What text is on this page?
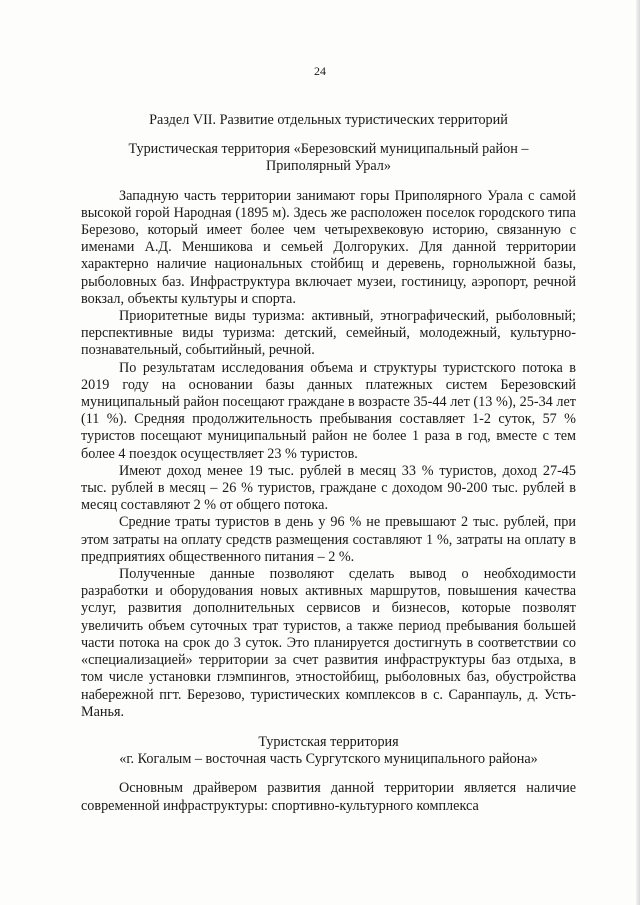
24
Раздел VII. Развитие отдельных туристических территорий
Туристическая территория «Березовский муниципальный район –
Приполярный Урал»

Западную часть территории занимают горы Приполярного Урала с самой высокой горой Народная (1895 м). Здесь же расположен поселок городского типа Березово, который имеет более чем четырехвековую историю, связанную с именами А.Д. Меншикова и семьей Долгоруких. Для данной территории характерно наличие национальных стойбищ и деревень, горнолыжной базы, рыболовных баз. Инфраструктура включает музеи, гостиницу, аэропорт, речной вокзал, объекты культуры и спорта.

Приоритетные виды туризма: активный, этнографический, рыболовный; перспективные виды туризма: детский, семейный, молодежный, культурно-познавательный, событийный, речной.

По результатам исследования объема и структуры туристского потока в 2019 году на основании базы данных платежных систем Березовский муниципальный район посещают граждане в возрасте 35-44 лет (13 %), 25-34 лет (11 %). Средняя продолжительность пребывания составляет 1-2 суток, 57 % туристов посещают муниципальный район не более 1 раза в год, вместе с тем более 4 поездок осуществляет 23 % туристов.

Имеют доход менее 19 тыс. рублей в месяц 33 % туристов, доход 27-45 тыс. рублей в месяц – 26 % туристов, граждане с доходом 90-200 тыс. рублей в месяц составляют 2 % от общего потока.

Средние траты туристов в день у 96 % не превышают 2 тыс. рублей, при этом затраты на оплату средств размещения составляют 1 %, затраты на оплату в предприятиях общественного питания – 2 %.

Полученные данные позволяют сделать вывод о необходимости разработки и оборудования новых активных маршрутов, повышения качества услуг, развития дополнительных сервисов и бизнесов, которые позволят увеличить объем суточных трат туристов, а также период пребывания большей части потока на срок до 3 суток. Это планируется достигнуть в соответствии со «специализацией» территории за счет развития инфраструктуры баз отдыха, в том числе установки глэмпингов, этностойбищ, рыболовных баз, обустройства набережной пгт. Березово, туристических комплексов в с. Саранпауль, д. Усть-Манья.

Туристская территория
«г. Когалым – восточная часть Сургутского муниципального района»

Основным драйвером развития данной территории является наличие современной инфраструктуры: спортивно-культурного комплекса
